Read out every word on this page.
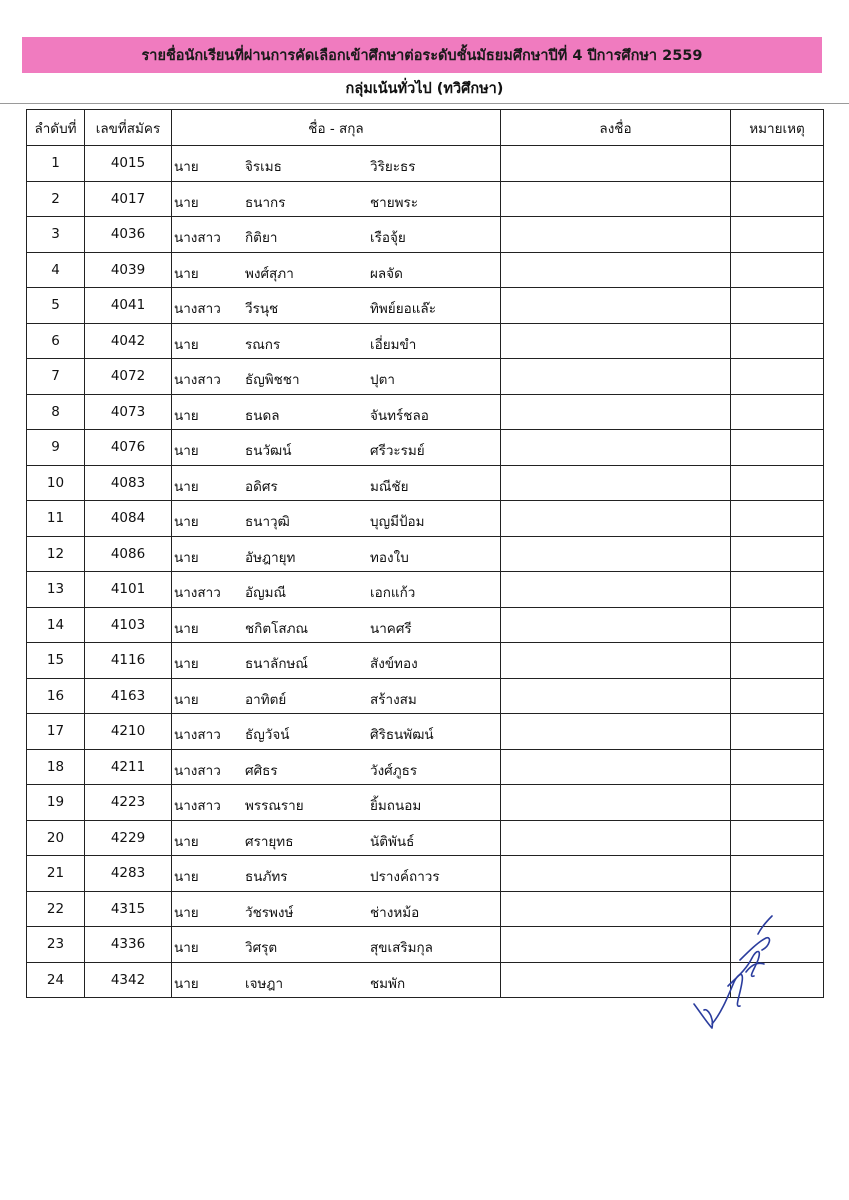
รายชื่อนักเรียนที่ผ่านการคัดเลือกเข้าศึกษาต่อระดับชั้นมัธยมศึกษาปีที่ 4 ปีการศึกษา 2559
กลุ่มเน้นทั่วไป (ทวิศึกษา)
ลำดับที่	เลขที่สมัคร	ชื่อ - สกุล	ลงชื่อ	หมายเหตุ
1	4015	นาย จิรเมธ วิริยะธร		

2	4017	นาย ธนากร ชายพระ		

3	4036	นางสาว กิติยา เรือจุ้ย		

4	4039	นาย พงศ์สุภา ผลจัด		

5	4041	นางสาว วีรนุช ทิพย์ยอแล๊ะ		

6	4042	นาย รณกร เอี่ยมขำ		

7	4072	นางสาว ธัญพิชชา ปุตา		

8	4073	นาย ธนดล จันทร์ชลอ		

9	4076	นาย ธนวัฒน์ ศรีวะรมย์		

10	4083	นาย อดิศร มณีชัย		

11	4084	นาย ธนาวุฒิ บุญมีป้อม		

12	4086	นาย อัษฎายุท ทองใบ		

13	4101	นางสาว อัญมณี เอกแก้ว		

14	4103	นาย ชกิตโสภณ นาคศรี		

15	4116	นาย ธนาลักษณ์ สังข์ทอง		

16	4163	นาย อาทิตย์ สร้างสม		

17	4210	นางสาว ธัญวัจน์ ศิริธนพัฒน์		

18	4211	นางสาว ศศิธร วังศ์ภูธร		

19	4223	นางสาว พรรณราย ยิ้มถนอม		

20	4229	นาย ศรายุทธ นัติพันธ์		

21	4283	นาย ธนภัทร ปรางค์ถาวร		

22	4315	นาย วัชรพงษ์ ช่างหม้อ		

23	4336	นาย วิศรุต สุขเสริมกุล		

24	4342	นาย เจษฎา ชมพัก		
